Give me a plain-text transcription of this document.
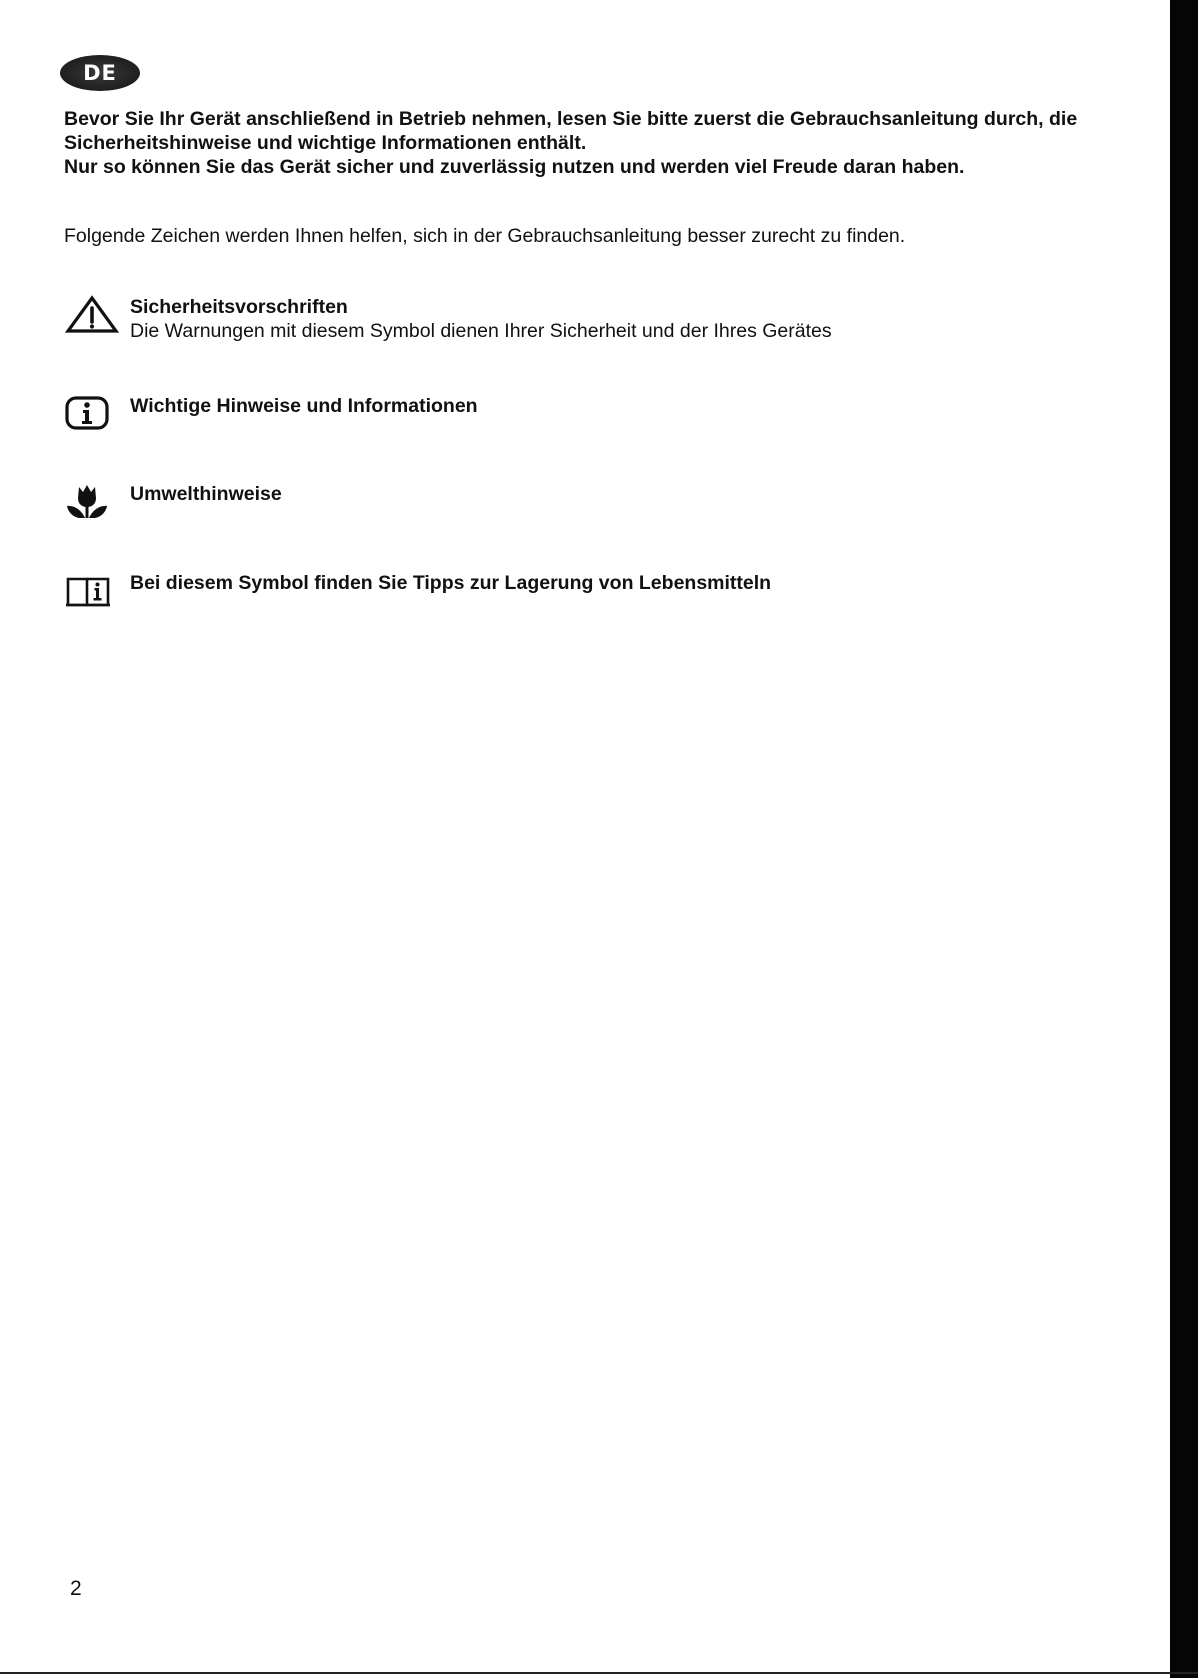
DE

Bevor Sie Ihr Gerät anschließend in Betrieb nehmen, lesen Sie bitte zuerst die Gebrauchsanleitung durch, die Sicherheitshinweise und wichtige Informationen enthält.

Nur so können Sie das Gerät sicher und zuverlässig nutzen und werden viel Freude daran haben.

Folgende Zeichen werden Ihnen helfen, sich in der Gebrauchsanleitung besser zurecht zu finden.

Sicherheitsvorschriften
Die Warnungen mit diesem Symbol dienen Ihrer Sicherheit und der Ihres Gerätes
Wichtige Hinweise und Informationen
Umwelthinweise
Bei diesem Symbol finden Sie Tipps zur Lagerung von Lebensmitteln

2
